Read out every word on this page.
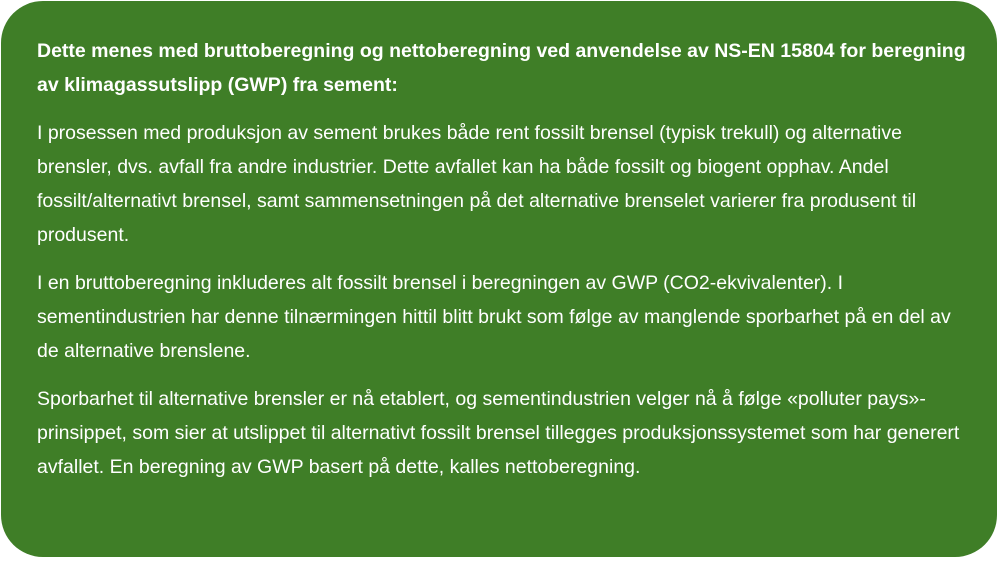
Dette menes med bruttoberegning og nettoberegning ved anvendelse av NS-EN 15804 for beregning av klimagassutslipp (GWP) fra sement:

I prosessen med produksjon av sement brukes både rent fossilt brensel (typisk trekull) og alternative brensler, dvs. avfall fra andre industrier. Dette avfallet kan ha både fossilt og biogent opphav. Andel fossilt/alternativt brensel, samt sammensetningen på det alternative brenselet varierer fra produsent til produsent.

I en bruttoberegning inkluderes alt fossilt brensel i beregningen av GWP (CO2-ekvivalenter). I sementindustrien har denne tilnærmingen hittil blitt brukt som følge av manglende sporbarhet på en del av de alternative brenslene.

Sporbarhet til alternative brensler er nå etablert, og sementindustrien velger nå å følge «polluter pays»-prinsippet, som sier at utslippet til alternativt fossilt brensel tillegges produksjonssystemet som har generert avfallet. En beregning av GWP basert på dette, kalles nettoberegning.
